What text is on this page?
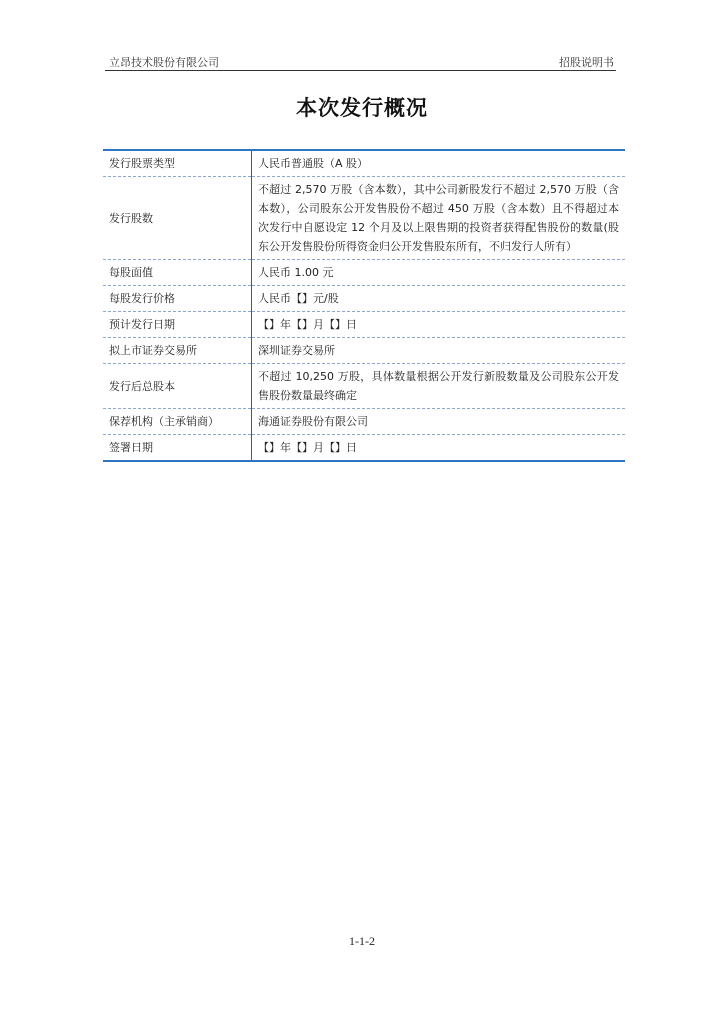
立昂技术股份有限公司	招股说明书
本次发行概况
发行股票类型	人民币普通股（A 股）
发行股数	不超过 2,570 万股（含本数），其中公司新股发行不超过 2,570 万股（含本数），公司股东公开发售股份不超过 450 万股（含本数）且不得超过本次发行中自愿设定 12 个月及以上限售期的投资者获得配售股份的数量(股东公开发售股份所得资金归公开发售股东所有，不归发行人所有）
每股面值	人民币 1.00 元
每股发行价格	人民币【】元/股
预计发行日期	【】年【】月【】日
拟上市证券交易所	深圳证券交易所
发行后总股本	不超过 10,250 万股，具体数量根据公开发行新股数量及公司股东公开发售股份数量最终确定
保荐机构（主承销商）	海通证券股份有限公司
签署日期	【】年【】月【】日
1-1-2
